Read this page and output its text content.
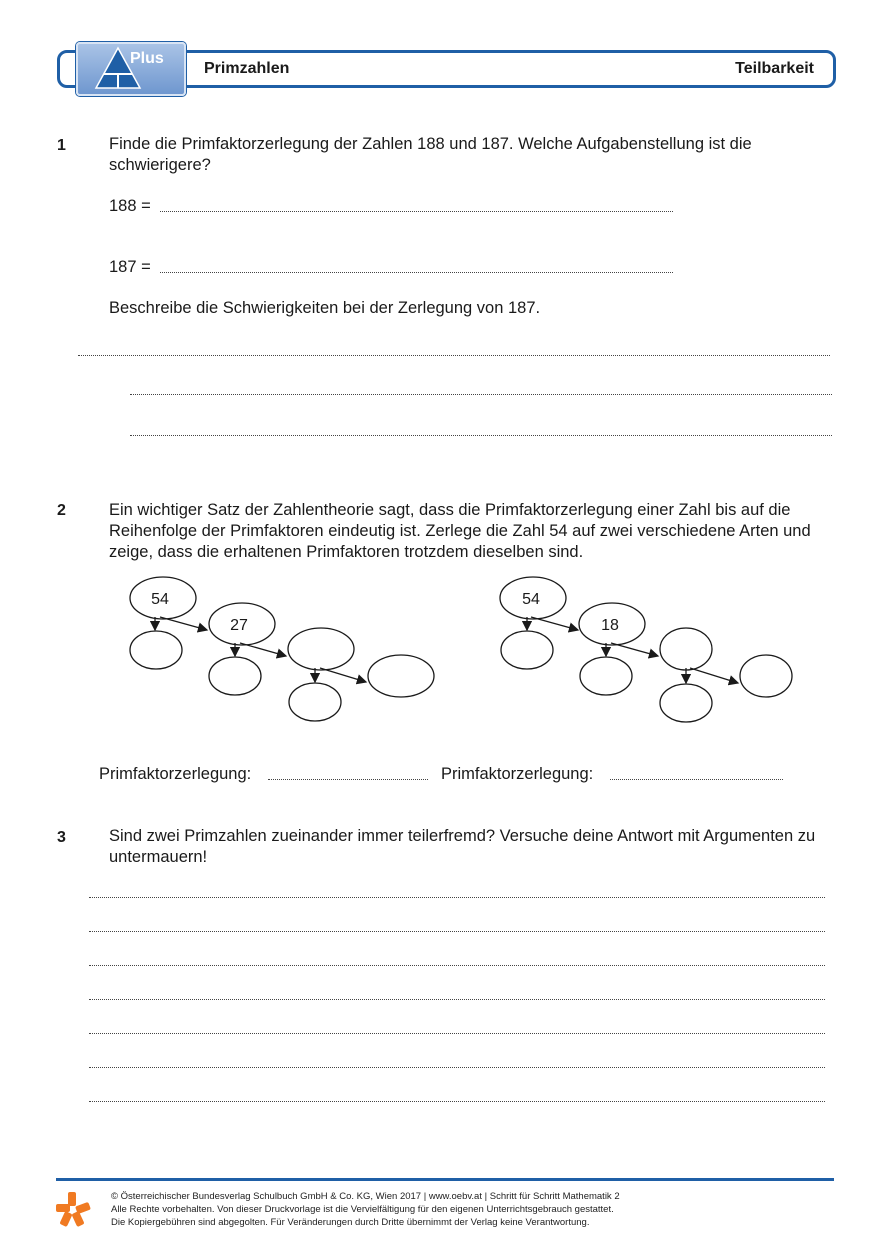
Plus
Primzahlen	Teilbarkeit
1	Finde die Primfaktorzerlegung der Zahlen 188 und 187. Welche Aufgabenstellung ist die schwierigere?
188 =
187 =
Beschreibe die Schwierigkeiten bei der Zerlegung von 187.
2	Ein wichtiger Satz der Zahlentheorie sagt, dass die Primfaktorzerlegung einer Zahl bis auf die Reihenfolge der Primfaktoren eindeutig ist. Zerlege die Zahl 54 auf zwei verschiedene Arten und zeige, dass die erhaltenen Primfaktoren trotzdem dieselben sind.
54
27
54
18
Primfaktorzerlegung:	Primfaktorzerlegung:
3	Sind zwei Primzahlen zueinander immer teilerfremd? Versuche deine Antwort mit Argumenten zu untermauern!
© Österreichischer Bundesverlag Schulbuch GmbH & Co. KG, Wien 2017 | www.oebv.at | Schritt für Schritt Mathematik 2
Alle Rechte vorbehalten. Von dieser Druckvorlage ist die Vervielfältigung für den eigenen Unterrichtsgebrauch gestattet.
Die Kopiergebühren sind abgegolten. Für Veränderungen durch Dritte übernimmt der Verlag keine Verantwortung.
